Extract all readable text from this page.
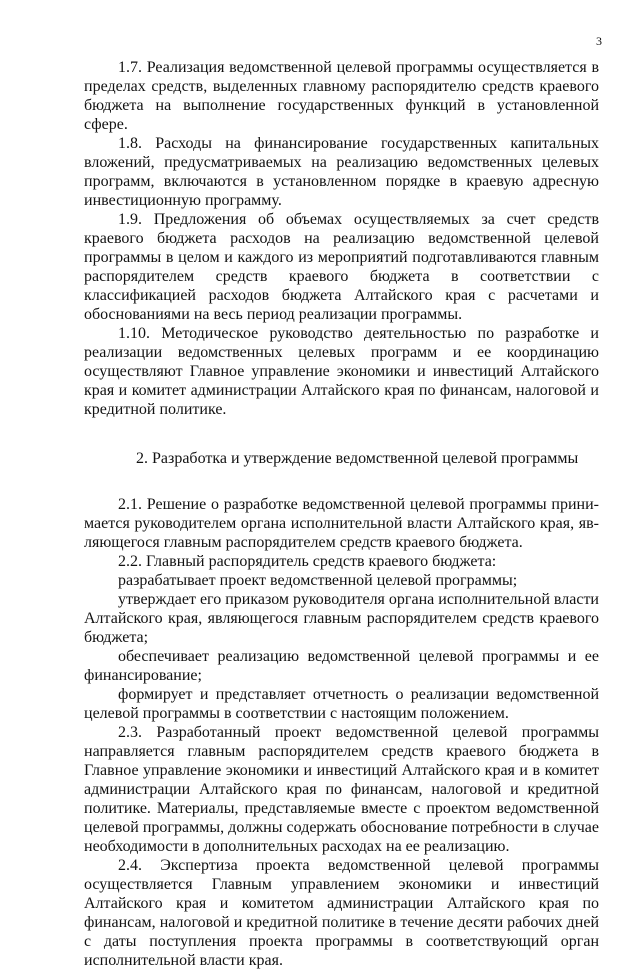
3

1.7. Реализация ведомственной целевой программы осуществляется в пределах средств, выделенных главному распорядителю средств краевого бюджета на выполнение государственных функций в установленной сфере.

1.8. Расходы на финансирование государственных капитальных вложений, предусматриваемых на реализацию ведомственных целевых программ, включаются в установленном порядке в краевую адресную инвестиционную программу.

1.9. Предложения об объемах осуществляемых за счет средств краевого бюджета расходов на реализацию ведомственной целевой программы в целом и каждого из мероприятий подготавливаются главным распорядителем средств краевого бюджета в соответствии с классификацией расходов бюджета Алтайского края с расчетами и обоснованиями на весь период реализации программы.

1.10. Методическое руководство деятельностью по разработке и реализации ведомственных целевых программ и ее координацию осуществляют Главное управление экономики и инвестиций Алтайского края и комитет администрации Алтайского края по финансам, налоговой и кредитной политике.

2. Разработка и утверждение ведомственной целевой программы

2.1. Решение о разработке ведомственной целевой программы принимается руководителем органа исполнительной власти Алтайского края, являющегося главным распорядителем средств краевого бюджета.

2.2. Главный распорядитель средств краевого бюджета:

разрабатывает проект ведомственной целевой программы;

утверждает его приказом руководителя органа исполнительной власти Алтайского края, являющегося главным распорядителем средств краевого бюджета;

обеспечивает реализацию ведомственной целевой программы и ее финансирование;

формирует и представляет отчетность о реализации ведомственной целевой программы в соответствии с настоящим положением.

2.3. Разработанный проект ведомственной целевой программы направляется главным распорядителем средств краевого бюджета в Главное управление экономики и инвестиций Алтайского края и в комитет администрации Алтайского края по финансам, налоговой и кредитной политике. Материалы, представляемые вместе с проектом ведомственной целевой программы, должны содержать обоснование потребности в случае необходимости в дополнительных расходах на ее реализацию.

2.4. Экспертиза проекта ведомственной целевой программы осуществляется Главным управлением экономики и инвестиций Алтайского края и комитетом администрации Алтайского края по финансам, налоговой и кредитной политике в течение десяти рабочих дней с даты поступления проекта программы в соответствующий орган исполнительной власти края.
